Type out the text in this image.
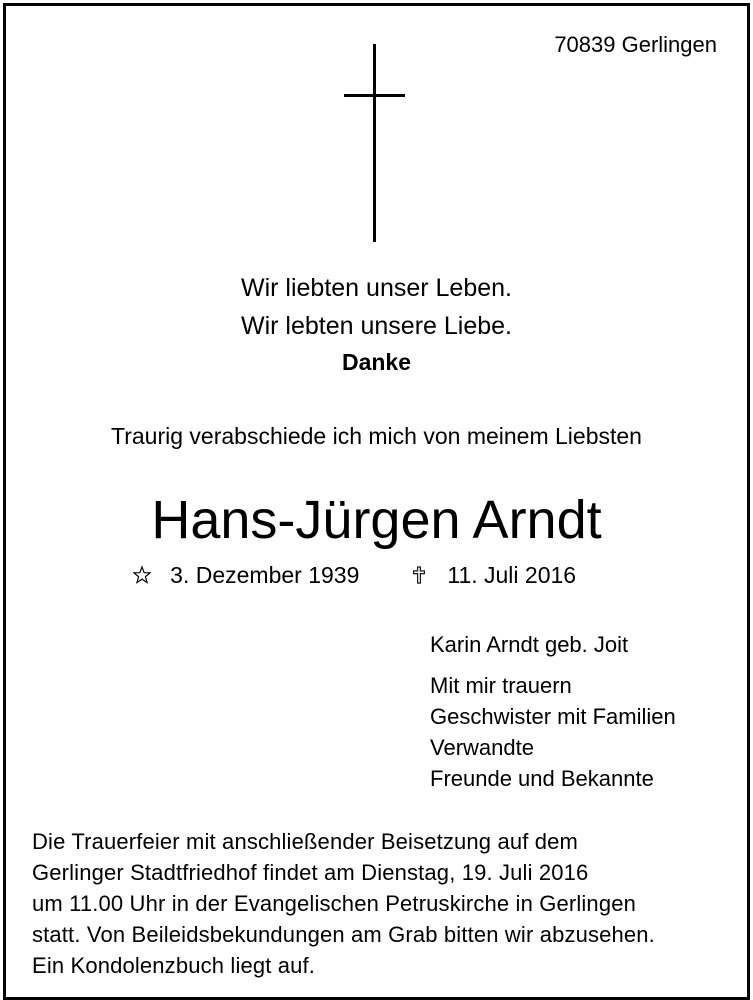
70839 Gerlingen
Wir liebten unser Leben.
Wir lebten unsere Liebe.
Danke
Traurig verabschiede ich mich von meinem Liebsten
Hans-Jürgen Arndt
3. Dezember 1939	11. Juli 2016
Karin Arndt geb. Joit
Mit mir trauern
Geschwister mit Familien
Verwandte
Freunde und Bekannte
Die Trauerfeier mit anschließender Beisetzung auf dem
Gerlinger Stadtfriedhof findet am Dienstag, 19. Juli 2016
um 11.00 Uhr in der Evangelischen Petruskirche in Gerlingen
statt. Von Beileidsbekundungen am Grab bitten wir abzusehen.
Ein Kondolenzbuch liegt auf.
